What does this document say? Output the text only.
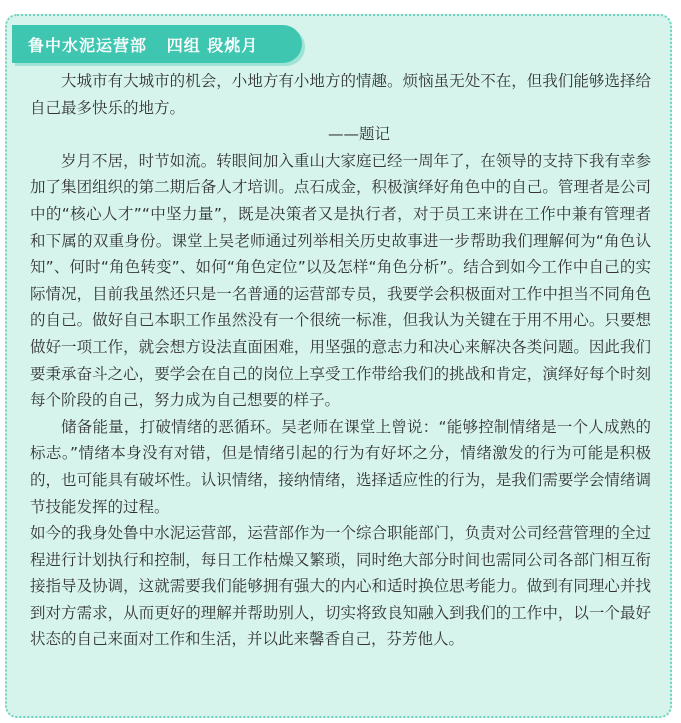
鲁中水泥运营部   四组 段烑月

大城市有大城市的机会，小地方有小地方的情趣。烦恼虽无处不在，但我们能够选择给自己最多快乐的地方。

——题记

岁月不居，时节如流。转眼间加入重山大家庭已经一周年了，在领导的支持下我有幸参加了集团组织的第二期后备人才培训。点石成金，积极演绎好角色中的自己。管理者是公司中的“核心人才”“中坚力量”，既是决策者又是执行者，对于员工来讲在工作中兼有管理者和下属的双重身份。课堂上吴老师通过列举相关历史故事进一步帮助我们理解何为“角色认知”、何时“角色转变”、如何“角色定位”以及怎样“角色分析”。结合到如今工作中自己的实际情况，目前我虽然还只是一名普通的运营部专员，我要学会积极面对工作中担当不同角色的自己。做好自己本职工作虽然没有一个很统一标准，但我认为关键在于用不用心。只要想做好一项工作，就会想方设法直面困难，用坚强的意志力和决心来解决各类问题。因此我们要秉承奋斗之心，要学会在自己的岗位上享受工作带给我们的挑战和肯定，演绎好每个时刻每个阶段的自己，努力成为自己想要的样子。

储备能量，打破情绪的恶循环。吴老师在课堂上曾说：“能够控制情绪是一个人成熟的标志。”情绪本身没有对错，但是情绪引起的行为有好坏之分，情绪激发的行为可能是积极的，也可能具有破坏性。认识情绪，接纳情绪，选择适应性的行为，是我们需要学会情绪调节技能发挥的过程。

如今的我身处鲁中水泥运营部，运营部作为一个综合职能部门，负责对公司经营管理的全过程进行计划执行和控制，每日工作枯燥又繁琐，同时绝大部分时间也需同公司各部门相互衔接指导及协调，这就需要我们能够拥有强大的内心和适时换位思考能力。做到有同理心并找到对方需求，从而更好的理解并帮助别人，切实将致良知融入到我们的工作中，以一个最好状态的自己来面对工作和生活，并以此来馨香自己，芬芳他人。
